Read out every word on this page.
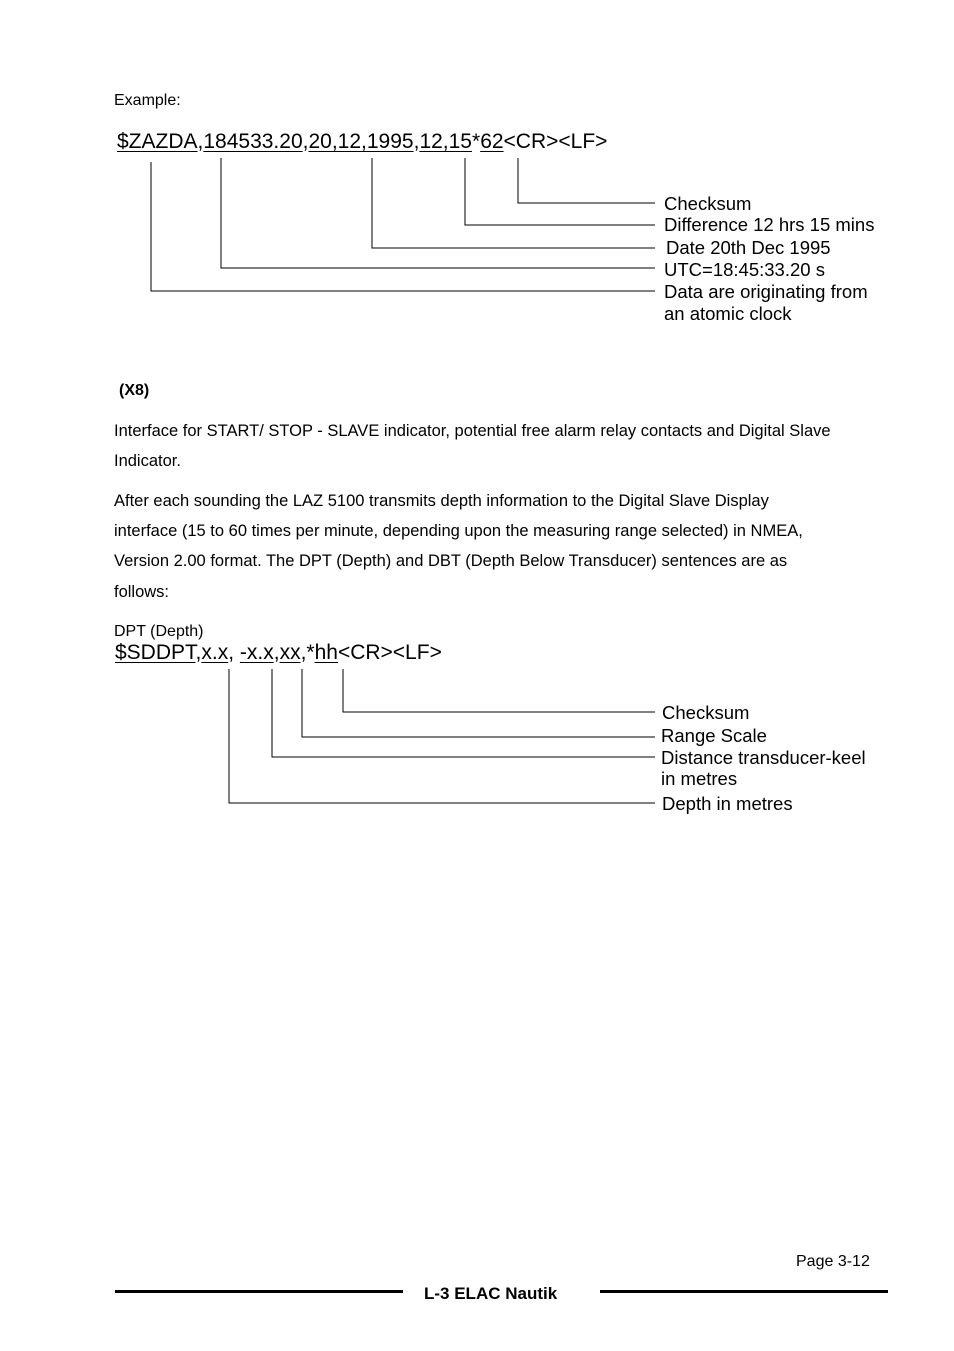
Example:
$ZAZDA,184533.20,20,12,1995,12,15*62<CR><LF>
Checksum
Difference 12 hrs 15 mins
Date 20th Dec 1995
UTC=18:45:33.20 s
Data are originating from
an atomic clock
(X8)
Interface for START/ STOP - SLAVE indicator, potential free alarm relay contacts and Digital Slave
Indicator.
After each sounding the LAZ 5100 transmits depth information to the Digital Slave Display
interface (15 to 60 times per minute, depending upon the measuring range selected) in NMEA,
Version 2.00 format. The DPT (Depth) and DBT (Depth Below Transducer) sentences are as
follows:
DPT (Depth)
$SDDPT,x.x, -x.x,xx,*hh<CR><LF>
Checksum
Range Scale
Distance transducer-keel
in metres
Depth in metres
Page 3-12
L-3 ELAC Nautik
